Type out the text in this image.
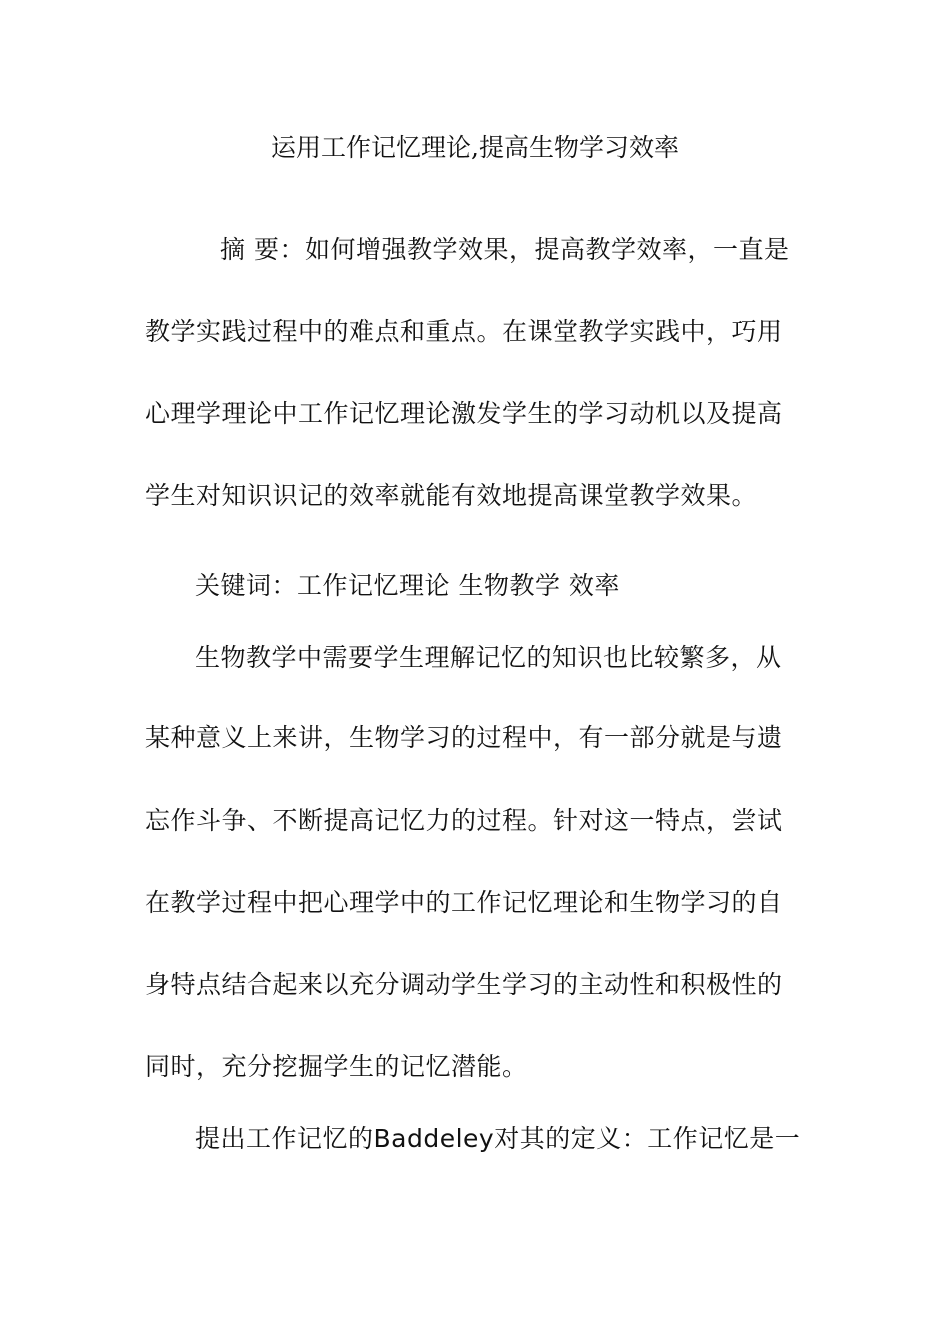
运用工作记忆理论,提高生物学习效率
摘 要：如何增强教学效果，提高教学效率，一直是
教学实践过程中的难点和重点。在课堂教学实践中，巧用
心理学理论中工作记忆理论激发学生的学习动机以及提高
学生对知识识记的效率就能有效地提高课堂教学效果。
关键词：工作记忆理论 生物教学 效率
生物教学中需要学生理解记忆的知识也比较繁多，从
某种意义上来讲，生物学习的过程中，有一部分就是与遗
忘作斗争、不断提高记忆力的过程。针对这一特点，尝试
在教学过程中把心理学中的工作记忆理论和生物学习的自
身特点结合起来以充分调动学生学习的主动性和积极性的
同时，充分挖掘学生的记忆潜能。
提出工作记忆的Baddeley对其的定义：工作记忆是一
